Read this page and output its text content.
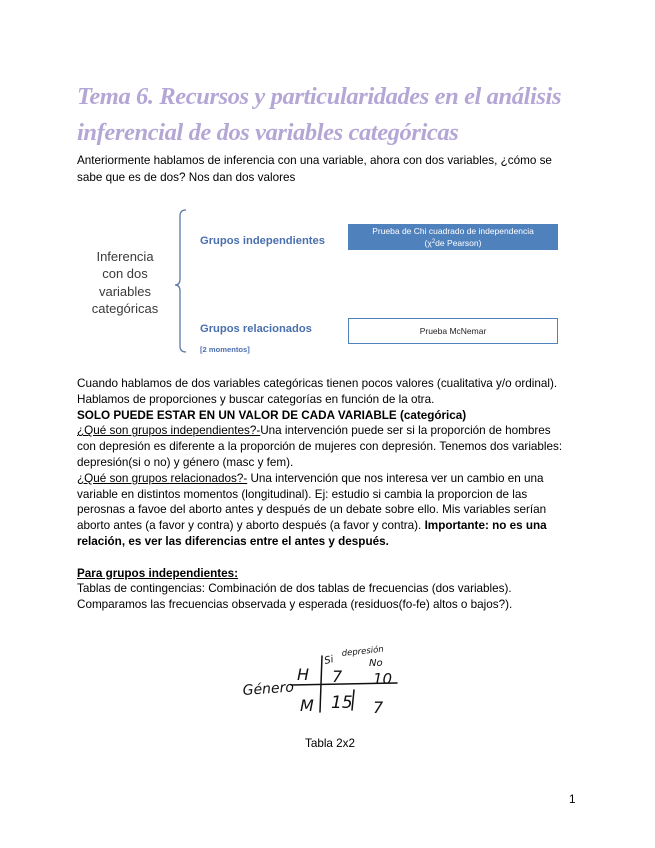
Tema 6. Recursos y particularidades en el análisis
inferencial de dos variables categóricas
Anteriormente hablamos de inferencia con una variable, ahora con dos variables, ¿cómo se
sabe que es de dos? Nos dan dos valores
Inferencia
con dos
variables
categóricas
Grupos independientes
Prueba de Chi cuadrado de independencia
($\chi^2de$ Pearson)
Grupos relacionados
[2 momentos]
Prueba McNemar
Cuando hablamos de dos variables categóricas tienen pocos valores (cualitativa y/o ordinal).
Hablamos de proporciones y buscar categorías en función de la otra.
SOLO PUEDE ESTAR EN UN VALOR DE CADA VARIABLE (categórica)
¿Qué son grupos independientes?-Una intervención puede ser si la proporción de hombres
con depresión es diferente a la proporción de mujeres con depresión. Tenemos dos variables:
depresión(si o no) y género (masc y fem).
¿Qué son grupos relacionados?- Una intervención que nos interesa ver un cambio en una
variable en distintos momentos (longitudinal). Ej: estudio si cambia la proporcion de las
perosnas a favoe del aborto antes y después de un debate sobre ello. Mis variables serían
aborto antes (a favor y contra) y aborto después (a favor y contra). Importante: no es una
relación, es ver las diferencias entre el antes y después.
Para grupos independientes:
Tablas de contingencias: Combinación de dos tablas de frecuencias (dos variables).
Comparamos las frecuencias observada y esperada (residuos(fo-fe) altos o bajos?).
Género
depresión
Si	No
H
M
7 10
15 7
Tabla 2x2
1
